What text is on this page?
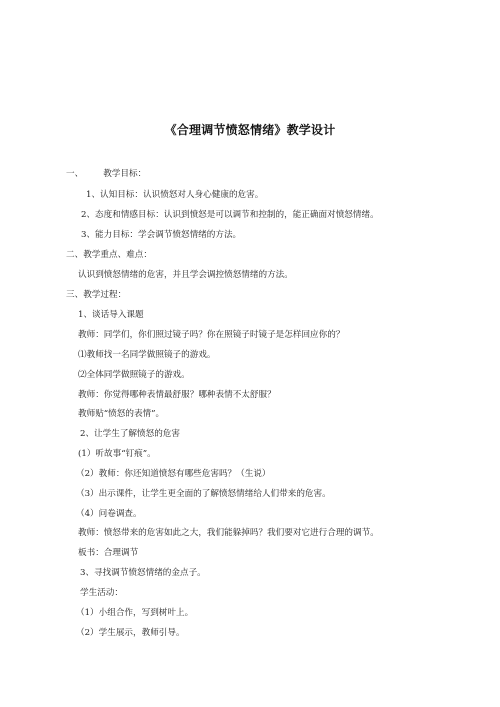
《合理调节愤怒情绪》教学设计
一、 教学目标：
1、认知目标：认识愤怒对人身心健康的危害。
2、态度和情感目标：认识到愤怒是可以调节和控制的，能正确面对愤怒情绪。
3、能力目标：学会调节愤怒情绪的方法。
二、教学重点、难点：
认识到愤怒情绪的危害，并且学会调控愤怒情绪的方法。
三、教学过程：
1、谈话导入课题
教师：同学们，你们照过镜子吗？你在照镜子时镜子是怎样回应你的？
⑴教师找一名同学做照镜子的游戏。
⑵全体同学做照镜子的游戏。
教师：你觉得哪种表情最舒服？哪种表情不太舒服？
教师贴“愤怒的表情”。
2、让学生了解愤怒的危害
(1）听故事“钉痕”。
（2）教师：你还知道愤怒有哪些危害吗？（生说）
（3）出示课件，让学生更全面的了解愤怒情绪给人们带来的危害。
（4）问卷调查。
教师：愤怒带来的危害如此之大，我们能躲掉吗？我们要对它进行合理的调节。
板书：合理调节
3、寻找调节愤怒情绪的金点子。
学生活动：
（1）小组合作，写到树叶上。
（2）学生展示，教师引导。
